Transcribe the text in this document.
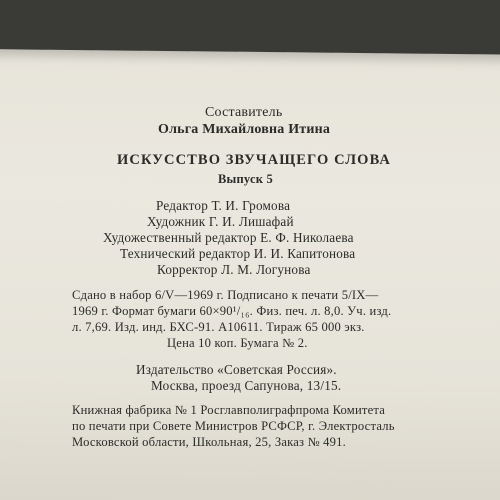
Составитель
Ольга Михайловна Итина
ИСКУССТВО ЗВУЧАЩЕГО СЛОВА
Выпуск 5
Редактор Т. И. Громова
Художник Г. И. Лишафай
Художественный редактор Е. Ф. Николаева
Технический редактор И. И. Капитонова
Корректор Л. М. Логунова
Сдано в набор 6/V—1969 г. Подписано к печати 5/IX—
1969 г. Формат бумаги 60×90¹/₁₆. Физ. печ. л. 8,0. Уч. изд.
л. 7,69. Изд. инд. БХС-91. А10611. Тираж 65 000 экз.
Цена 10 коп. Бумага № 2.
Издательство «Советская Россия».
Москва, проезд Сапунова, 13/15.
Книжная фабрика № 1 Росглавполиграфпрома Комитета
по печати при Совете Министров РСФСР, г. Электросталь
Московской области, Школьная, 25, Заказ № 491.
